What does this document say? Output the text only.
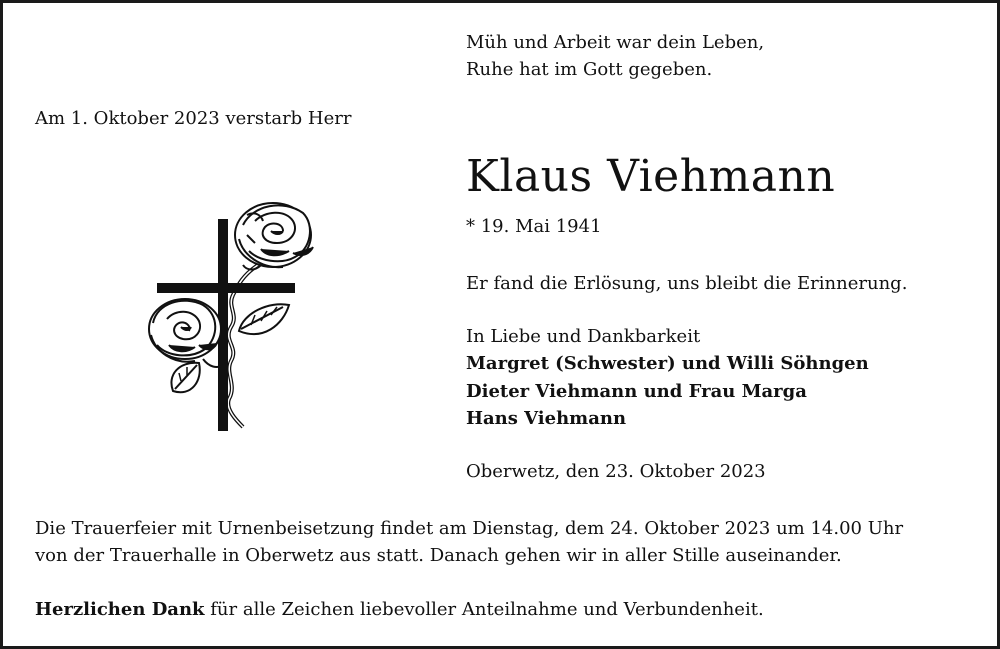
Müh und Arbeit war dein Leben,
Ruhe hat im Gott gegeben.
Am 1. Oktober 2023 verstarb Herr
Klaus Viehmann
* 19. Mai 1941
Er fand die Erlösung, uns bleibt die Erinnerung.
In Liebe und Dankbarkeit
Margret (Schwester) und Willi Söhngen
Dieter Viehmann und Frau Marga
Hans Viehmann
Oberwetz, den 23. Oktober 2023
Die Trauerfeier mit Urnenbeisetzung findet am Dienstag, dem 24. Oktober 2023 um 14.00 Uhr
von der Trauerhalle in Oberwetz aus statt. Danach gehen wir in aller Stille auseinander.
Herzlichen Dank für alle Zeichen liebevoller Anteilnahme und Verbundenheit.
